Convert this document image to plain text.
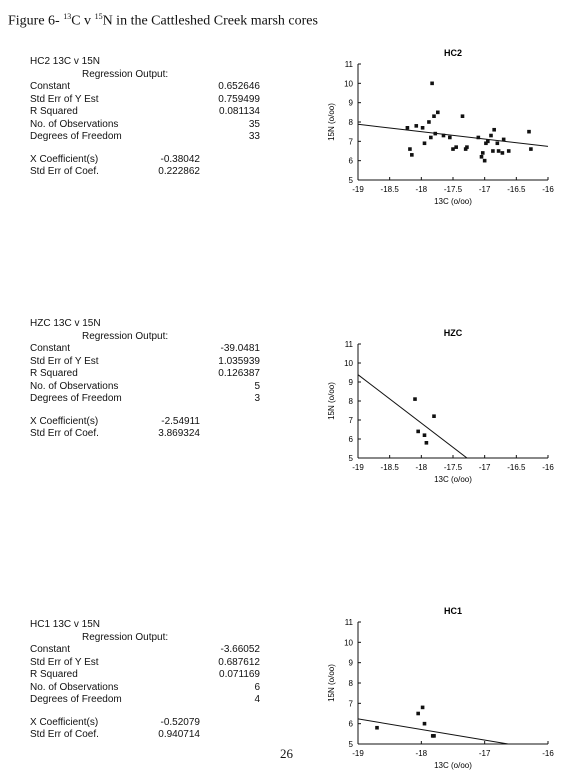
Figure 6- $^{13}$C v $^{15}$N in the Cattleshed Creek marsh cores
HC2 13C v 15N
Regression Output:
Constant	0.652646
Std Err of Y Est	0.759499
R Squared	0.081134
No. of Observations	35
Degrees of Freedom	33
X Coefficient(s)	-0.38042
Std Err of Coef.	0.222862
HZC 13C v 15N
Regression Output:
Constant	-39.0481
Std Err of Y Est	1.035939
R Squared	0.126387
No. of Observations	5
Degrees of Freedom	3
X Coefficient(s)	-2.54911
Std Err of Coef.	3.869324
HC1 13C v 15N
Regression Output:
Constant	-3.66052
Std Err of Y Est	0.687612
R Squared	0.071169
No. of Observations	6
Degrees of Freedom	4
X Coefficient(s)	-0.52079
Std Err of Coef.	0.940714
HC2
5
6
7
8
9
10
11
-19 -18.5 -18 -17.5 -17 -16.5 -16
13C (o/oo)
15N (o/oo)
HZC
5
6
7
8
9
10
11
-19 -18.5 -18 -17.5 -17 -16.5 -16
13C (o/oo)
15N (o/oo)
HC1
5
6
7
8
9
10
11
-19	-18	-17	-16
13C (o/oo)
15N (o/oo)
26
